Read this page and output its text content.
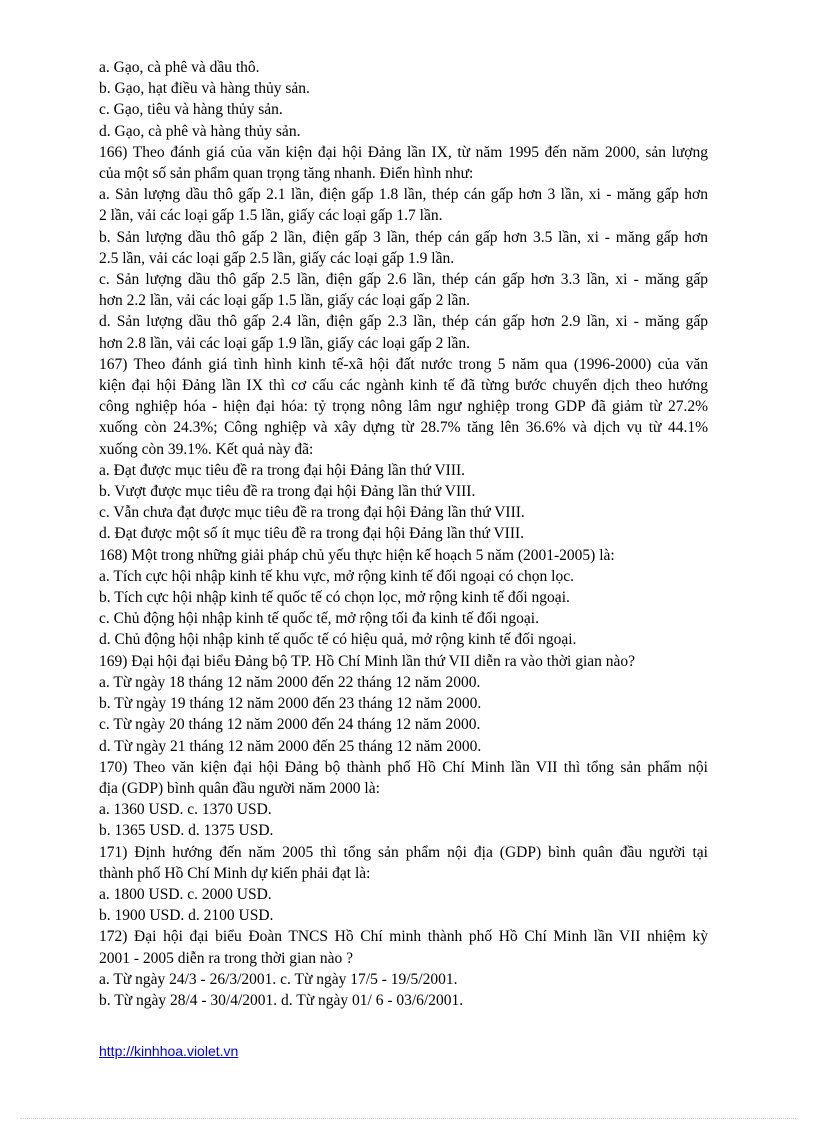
a. Gạo, cà phê và dầu thô.
b. Gạo, hạt điều và hàng thủy sản.
c. Gạo, tiêu và hàng thủy sản.
d. Gạo, cà phê và hàng thủy sản.
166) Theo đánh giá của văn kiện đại hội Đảng lần IX, từ năm 1995 đến năm 2000, sản lượng
của một số sản phẩm quan trọng tăng nhanh. Điển hình như:
a. Sản lượng dầu thô gấp 2.1 lần, điện gấp 1.8 lần, thép cán gấp hơn 3 lần, xi - măng gấp hơn
2 lần, vải các loại gấp 1.5 lần, giấy các loại gấp 1.7 lần.
b. Sản lượng dầu thô gấp 2 lần, điện gấp 3 lần, thép cán gấp hơn 3.5 lần, xi - măng gấp hơn
2.5 lần, vải các loại gấp 2.5 lần, giấy các loại gấp 1.9 lần.
c. Sản lượng dầu thô gấp 2.5 lần, điện gấp 2.6 lần, thép cán gấp hơn 3.3 lần, xi - măng gấp
hơn 2.2 lần, vải các loại gấp 1.5 lần, giấy các loại gấp 2 lần.
d. Sản lượng dầu thô gấp 2.4 lần, điện gấp 2.3 lần, thép cán gấp hơn 2.9 lần, xi - măng gấp
hơn 2.8 lần, vải các loại gấp 1.9 lần, giấy các loại gấp 2 lần.
167) Theo đánh giá tình hình kinh tế-xã hội đất nước trong 5 năm qua (1996-2000) của văn
kiện đại hội Đảng lần IX thì cơ cấu các ngành kinh tế đã từng bước chuyển dịch theo hướng
công nghiệp hóa - hiện đại hóa: tỷ trọng nông lâm ngư nghiệp trong GDP đã giảm từ 27.2%
xuống còn 24.3%; Công nghiệp và xây dựng từ 28.7% tăng lên 36.6% và dịch vụ từ 44.1%
xuống còn 39.1%. Kết quả này đã:
a. Đạt được mục tiêu đề ra trong đại hội Đảng lần thứ VIII.
b. Vượt được mục tiêu đề ra trong đại hội Đảng lần thứ VIII.
c. Vẫn chưa đạt được mục tiêu đề ra trong đại hội Đảng lần thứ VIII.
d. Đạt được một số ít mục tiêu đề ra trong đại hội Đảng lần thứ VIII.
168) Một trong những giải pháp chủ yếu thực hiện kế hoạch 5 năm (2001-2005) là:
a. Tích cực hội nhập kinh tế khu vực, mở rộng kinh tế đối ngoại có chọn lọc.
b. Tích cực hội nhập kinh tế quốc tế có chọn lọc, mở rộng kinh tế đối ngoại.
c. Chủ động hội nhập kinh tế quốc tế, mở rộng tối đa kinh tế đối ngoại.
d. Chủ động hội nhập kinh tế quốc tế có hiệu quả, mở rộng kinh tế đối ngoại.
169) Đại hội đại biểu Đảng bộ TP. Hồ Chí Minh lần thứ VII diễn ra vào thời gian nào?
a. Từ ngày 18 tháng 12 năm 2000 đến 22 tháng 12 năm 2000.
b. Từ ngày 19 tháng 12 năm 2000 đến 23 tháng 12 năm 2000.
c. Từ ngày 20 tháng 12 năm 2000 đến 24 tháng 12 năm 2000.
d. Từ ngày 21 tháng 12 năm 2000 đến 25 tháng 12 năm 2000.
170) Theo văn kiện đại hội Đảng bộ thành phố Hồ Chí Minh lần VII thì tổng sản phẩm nội
địa (GDP) bình quân đầu người năm 2000 là:
a. 1360 USD. c. 1370 USD.
b. 1365 USD. d. 1375 USD.
171) Định hướng đến năm 2005 thì tổng sản phẩm nội địa (GDP) bình quân đầu người tại
thành phố Hồ Chí Minh dự kiến phải đạt là:
a. 1800 USD. c. 2000 USD.
b. 1900 USD. d. 2100 USD.
172) Đại hội đại biểu Đoàn TNCS Hồ Chí minh thành phố Hồ Chí Minh lần VII nhiệm kỳ
2001 - 2005 diễn ra trong thời gian nào ?
a. Từ ngày 24/3 - 26/3/2001. c. Từ ngày 17/5 - 19/5/2001.
b. Từ ngày 28/4 - 30/4/2001. d. Từ ngày 01/ 6 - 03/6/2001.
http://kinhhoa.violet.vn
